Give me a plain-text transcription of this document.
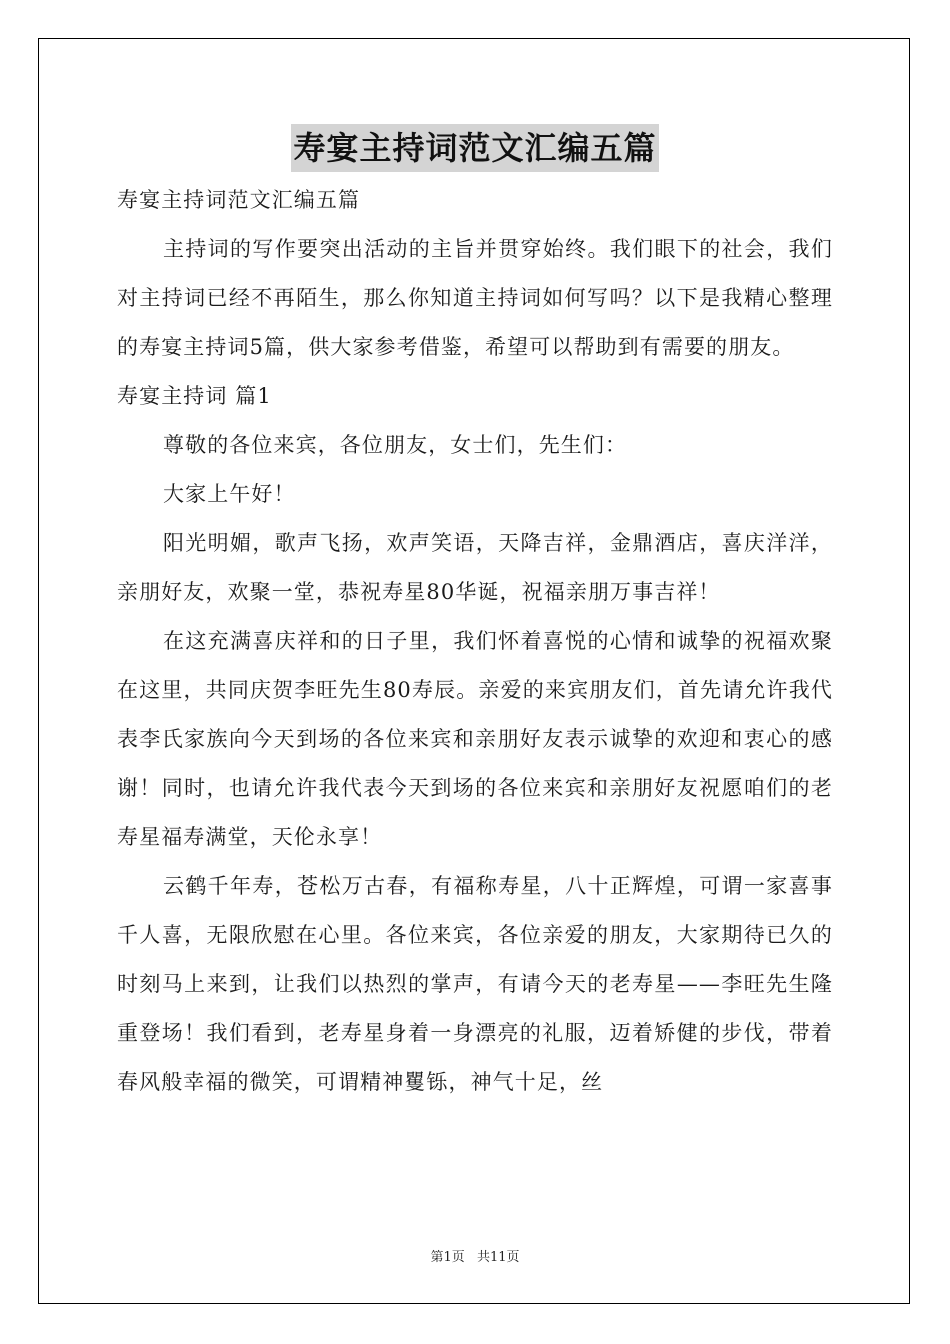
寿宴主持词范文汇编五篇

寿宴主持词范文汇编五篇

主持词的写作要突出活动的主旨并贯穿始终。我们眼下的社会，我们对主持词已经不再陌生，那么你知道主持词如何写吗？以下是我精心整理的寿宴主持词5篇，供大家参考借鉴，希望可以帮助到有需要的朋友。

寿宴主持词 篇1

尊敬的各位来宾，各位朋友，女士们，先生们：

大家上午好！

阳光明媚，歌声飞扬，欢声笑语，天降吉祥，金鼎酒店，喜庆洋洋，亲朋好友，欢聚一堂，恭祝寿星80华诞，祝福亲朋万事吉祥！

在这充满喜庆祥和的日子里，我们怀着喜悦的心情和诚挚的祝福欢聚在这里，共同庆贺李旺先生80寿辰。亲爱的来宾朋友们，首先请允许我代表李氏家族向今天到场的各位来宾和亲朋好友表示诚挚的欢迎和衷心的感谢！同时，也请允许我代表今天到场的各位来宾和亲朋好友祝愿咱们的老寿星福寿满堂，天伦永享！

云鹤千年寿，苍松万古春，有福称寿星，八十正辉煌，可谓一家喜事千人喜，无限欣慰在心里。各位来宾，各位亲爱的朋友，大家期待已久的时刻马上来到，让我们以热烈的掌声，有请今天的老寿星——李旺先生隆重登场！我们看到，老寿星身着一身漂亮的礼服，迈着矫健的步伐，带着春风般幸福的微笑，可谓精神矍铄，神气十足，丝

第1页 共11页
